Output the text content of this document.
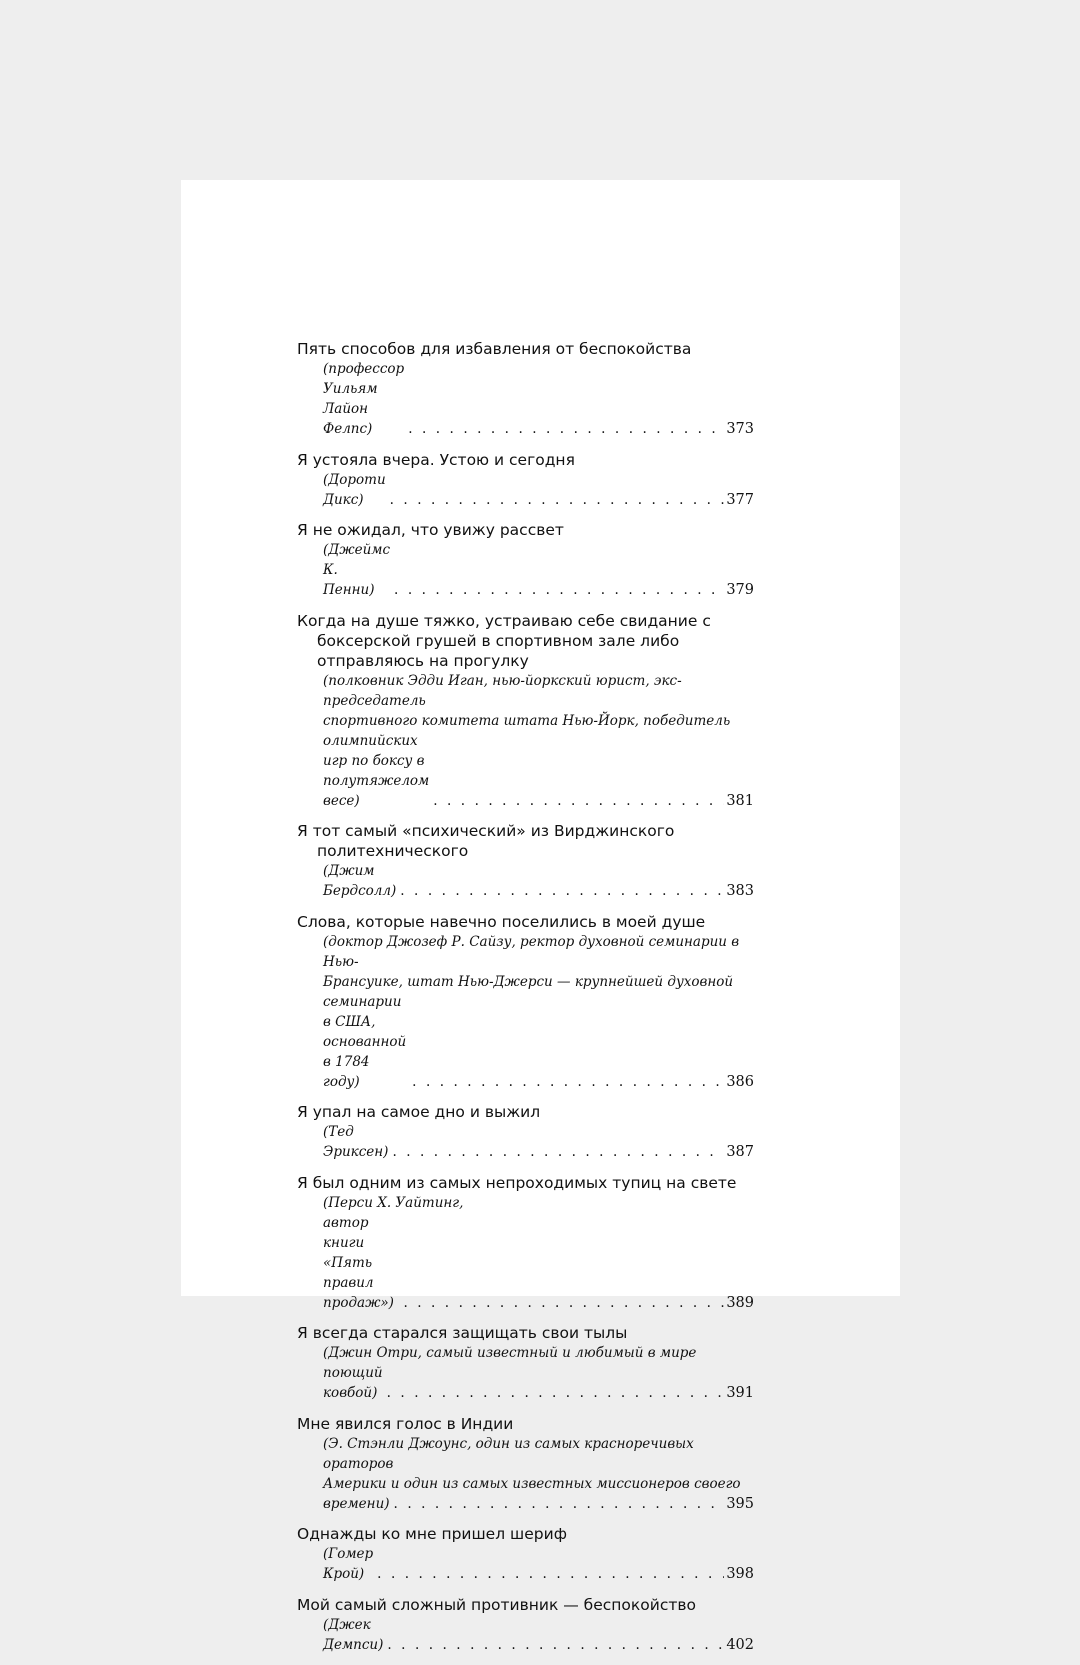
Пять способов для избавления от беспокойства
(профессор Уильям Лайон Фелпс) . . .	373
Я устояла вчера. Устою и сегодня
(Дороти Дикс) . . .	377
Я не ожидал, что увижу рассвет
(Джеймс К. Пенни) . . .	379
Когда на душе тяжко, устраиваю себе свидание с боксерской грушей в спортивном зале либо отправляюсь на прогулку
(полковник Эдди Иган, нью-йоркский юрист, экс-председатель
спортивного комитета штата Нью-Йорк, победитель
олимпийских игр по боксу в полутяжелом весе) . . .	381
Я тот самый «психический» из Вирджинского политехнического
(Джим Бердсолл) . . .	383
Слова, которые навечно поселились в моей душе
(доктор Джозеф Р. Сайзу, ректор духовной семинарии в Нью-
Брансуике, штат Нью-Джерси — крупнейшей духовной
семинарии в США, основанной в 1784 году) . . .	386
Я упал на самое дно и выжил
(Тед Эриксен) . . .	387
Я был одним из самых непроходимых тупиц на свете
(Перси Х. Уайтинг,
автор книги «Пять правил продаж») . . .	389
Я всегда старался защищать свои тылы
(Джин Отри, самый известный и любимый в мире
поющий ковбой) . . .	391
Мне явился голос в Индии
(Э. Стэнли Джоунс, один из самых красноречивых ораторов
Америки и один из самых известных миссионеров своего
времени) . . .	395
Однажды ко мне пришел шериф
(Гомер Крой) . . .	398
Мой самый сложный противник — беспокойство
(Джек Демпси) . . .	402
